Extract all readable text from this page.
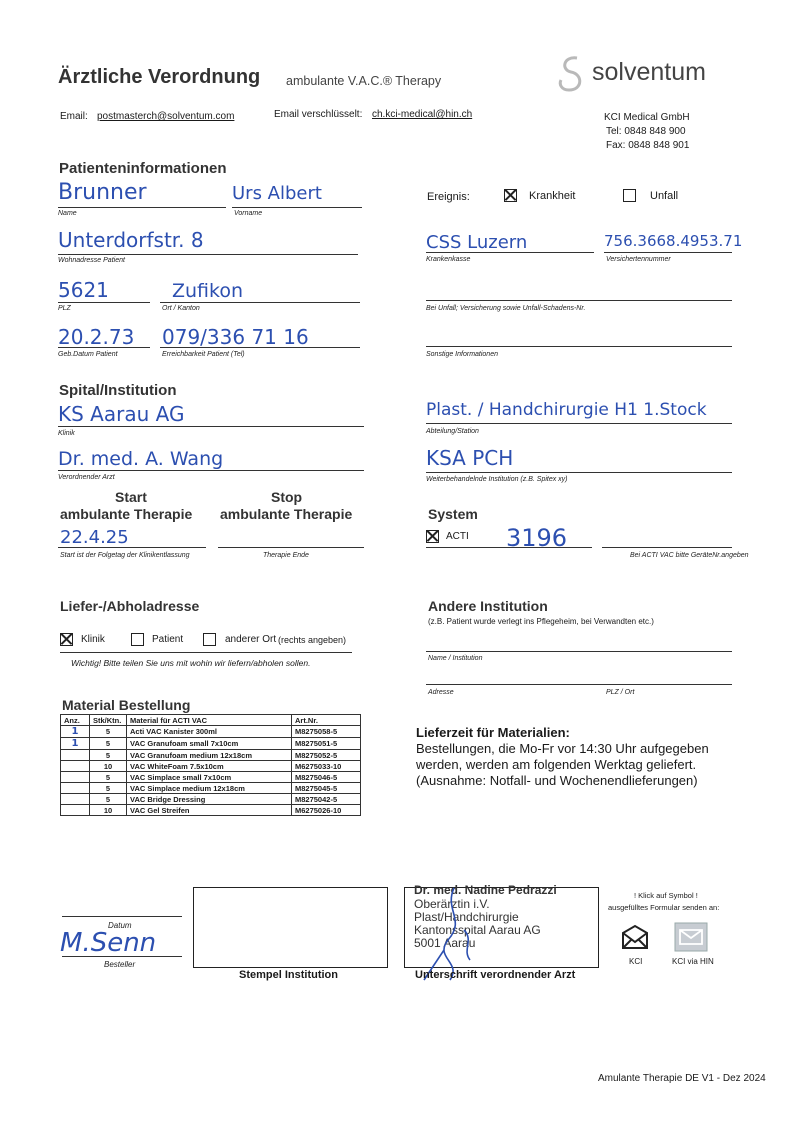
Ärztliche Verordnung ambulante V.A.C.® Therapy	solventum
Email: postmasterch@solventum.com	Email verschlüsselt: ch.kci-medical@hin.ch	KCI Medical GmbH
Tel: 0848 848 900
Fax: 0848 848 901
Patienteninformationen
Brunner
Name
Urs Albert
Vorname
Unterdorfstr. 8
Wohnadresse Patient
5621
PLZ
Zufikon
Ort / Kanton
20.2.73
Geb.Datum Patient
079/336 71 16
Erreichbarkeit Patient (Tel)
Ereignis:	Krankheit	Unfall
CSS Luzern
Krankenkasse
756.3668.4953.71
Versichertennummer
Bei Unfall; Versicherung sowie Unfall-Schadens-Nr.
Sonstige Informationen
Spital/Institution
KS Aarau AG
Klinik
Dr. med. A. Wang
Verordnender Arzt
Plast. / Handchirurgie H1 1.Stock
Abteilung/Station
KSA PCH
Weiterbehandelnde Institution (z.B. Spitex xy)
Start
ambulante Therapie
Stop
ambulante Therapie
22.4.25
Start ist der Folgetag der Klinikentlassung	Therapie Ende
System
ACTI 3196
Bei ACTI VAC bitte GeräteNr.angeben
Liefer-/Abholadresse
Klinik	Patient	anderer Ort (rechts angeben)
Wichtig! Bitte teilen Sie uns mit wohin wir liefern/abholen sollen.
Andere Institution
(z.B. Patient wurde verlegt ins Pflegeheim, bei Verwandten etc.)
Name / Institution
Adresse	PLZ / Ort
Material Bestellung
Anz.	Stk/Ktn.	Material für ACTI VAC	Art.Nr.
1	5	Acti VAC Kanister 300ml	M8275058-5
1	5	VAC Granufoam small 7x10cm	M8275051-5
	5	VAC Granufoam medium 12x18cm	M8275052-5
	10	VAC WhiteFoam 7.5x10cm	M6275033-10
	5	VAC Simplace small 7x10cm	M8275046-5
	5	VAC Simplace medium 12x18cm	M8275045-5
	5	VAC Bridge Dressing	M8275042-5
	10	VAC Gel Streifen	M6275026-10
Lieferzeit für Materialien:
Bestellungen, die Mo-Fr vor 14:30 Uhr aufgegeben
werden, werden am folgenden Werktag geliefert.
(Ausnahme: Notfall- und Wochenendlieferungen)
Datum
M.Senn
Besteller
Stempel Institution
Dr. med. Nadine Pedrazzi
Oberärztin i.V.
Plast/Handchirurgie
Kantonsspital Aarau AG
5001 Aarau
Unterschrift verordnender Arzt
! Klick auf Symbol !
ausgefülltes Formular senden an:
KCI	KCI via HIN
Amulante Therapie DE V1 - Dez 2024
